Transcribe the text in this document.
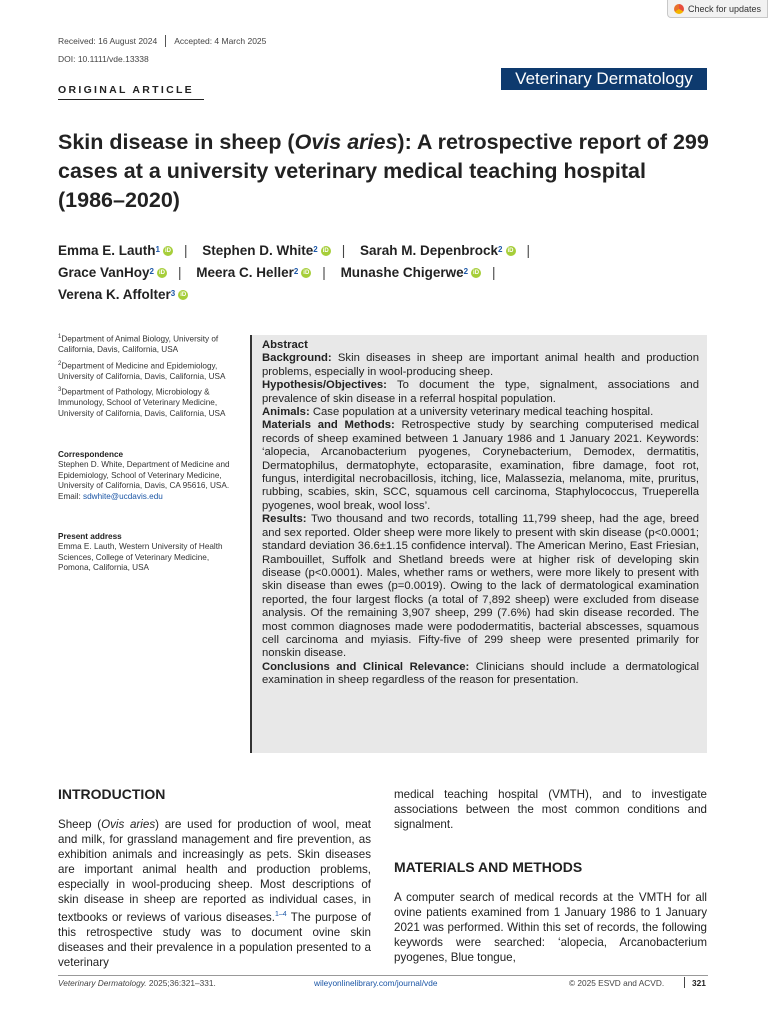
Check for updates
Received: 16 August 2024 Accepted: 4 March 2025
DOI: 10.1111/vde.13338
Veterinary Dermatology
ORIGINAL ARTICLE
Skin disease in sheep (Ovis aries): A retrospective report of 299 cases at a university veterinary medical teaching hospital (1986–2020)
Emma E. Lauth$^1$ iD | Stephen D. White$^2$ iD | Sarah M. Depenbrock$^2$ iD |
Grace VanHoy$^2$ iD | Meera C. Heller$^2$ iD | Munashe Chigerwe$^2$ iD |
Verena K. Affolter$^3$ iD
$^1$Department of Animal Biology, University of California, Davis, California, USA
$^2$Department of Medicine and Epidemiology, University of California, Davis, California, USA
$^3$Department of Pathology, Microbiology & Immunology, School of Veterinary Medicine, University of California, Davis, California, USA
Correspondence
Stephen D. White, Department of Medicine and Epidemiology, School of Veterinary Medicine, University of California, Davis, CA 95616, USA.
Email: sdwhite@ucdavis.edu
Present address
Emma E. Lauth, Western University of Health Sciences, College of Veterinary Medicine, Pomona, California, USA

Abstract

Background: Skin diseases in sheep are important animal health and production problems, especially in wool-producing sheep.

Hypothesis/Objectives: To document the type, signalment, associations and prevalence of skin disease in a referral hospital population.

Animals: Case population at a university veterinary medical teaching hospital.

Materials and Methods: Retrospective study by searching computerised medical records of sheep examined between 1 January 1986 and 1 January 2021. Keywords: ‘alopecia, Arcanobacterium pyogenes, Corynebacterium, Demodex, dermatitis, Dermatophilus, dermatophyte, ectoparasite, examination, fibre damage, foot rot, fungus, interdigital necrobacillosis, itching, lice, Malassezia, melanoma, mite, pruritus, rubbing, scabies, skin, SCC, squamous cell carcinoma, Staphylococcus, Trueperella pyogenes, wool break, wool loss’.

Results: Two thousand and two records, totalling 11,799 sheep, had the age, breed and sex reported. Older sheep were more likely to present with skin disease (p<0.0001; standard deviation 36.6±1.15 confidence interval). The American Merino, East Friesian, Rambouillet, Suffolk and Shetland breeds were at higher risk of developing skin disease (p<0.0001). Males, whether rams or wethers, were more likely to present with skin disease than ewes (p=0.0019). Owing to the lack of dermatological examination reported, the four largest flocks (a total of 7,892 sheep) were excluded from disease analysis. Of the remaining 3,907 sheep, 299 (7.6%) had skin disease recorded. The most common diagnoses made were pododermatitis, bacterial abscesses, squamous cell carcinoma and myiasis. Fifty-five of 299 sheep were presented primarily for nonskin disease.

Conclusions and Clinical Relevance: Clinicians should include a dermatological examination in sheep regardless of the reason for presentation.

INTRODUCTION

Sheep (Ovis aries) are used for production of wool, meat and milk, for grassland management and fire prevention, as exhibition animals and increasingly as pets. Skin diseases are important animal health and production problems, especially in wool-producing sheep. Most descriptions of skin disease in sheep are reported as individual cases, in textbooks or reviews of various diseases.$^{1-4}$ The purpose of this retrospective study was to document ovine skin diseases and their prevalence in a population presented to a veterinary

medical teaching hospital (VMTH), and to investigate associations between the most common conditions and signalment.

MATERIALS AND METHODS

A computer search of medical records at the VMTH for all ovine patients examined from 1 January 1986 to 1 January 2021 was performed. Within this set of records, the following keywords were searched: ‘alopecia, Arcanobacterium pyogenes, Blue tongue,

Veterinary Dermatology. 2025;36:321–331.	wileyonlinelibrary.com/journal/vde	© 2025 ESVD and ACVD.	321
